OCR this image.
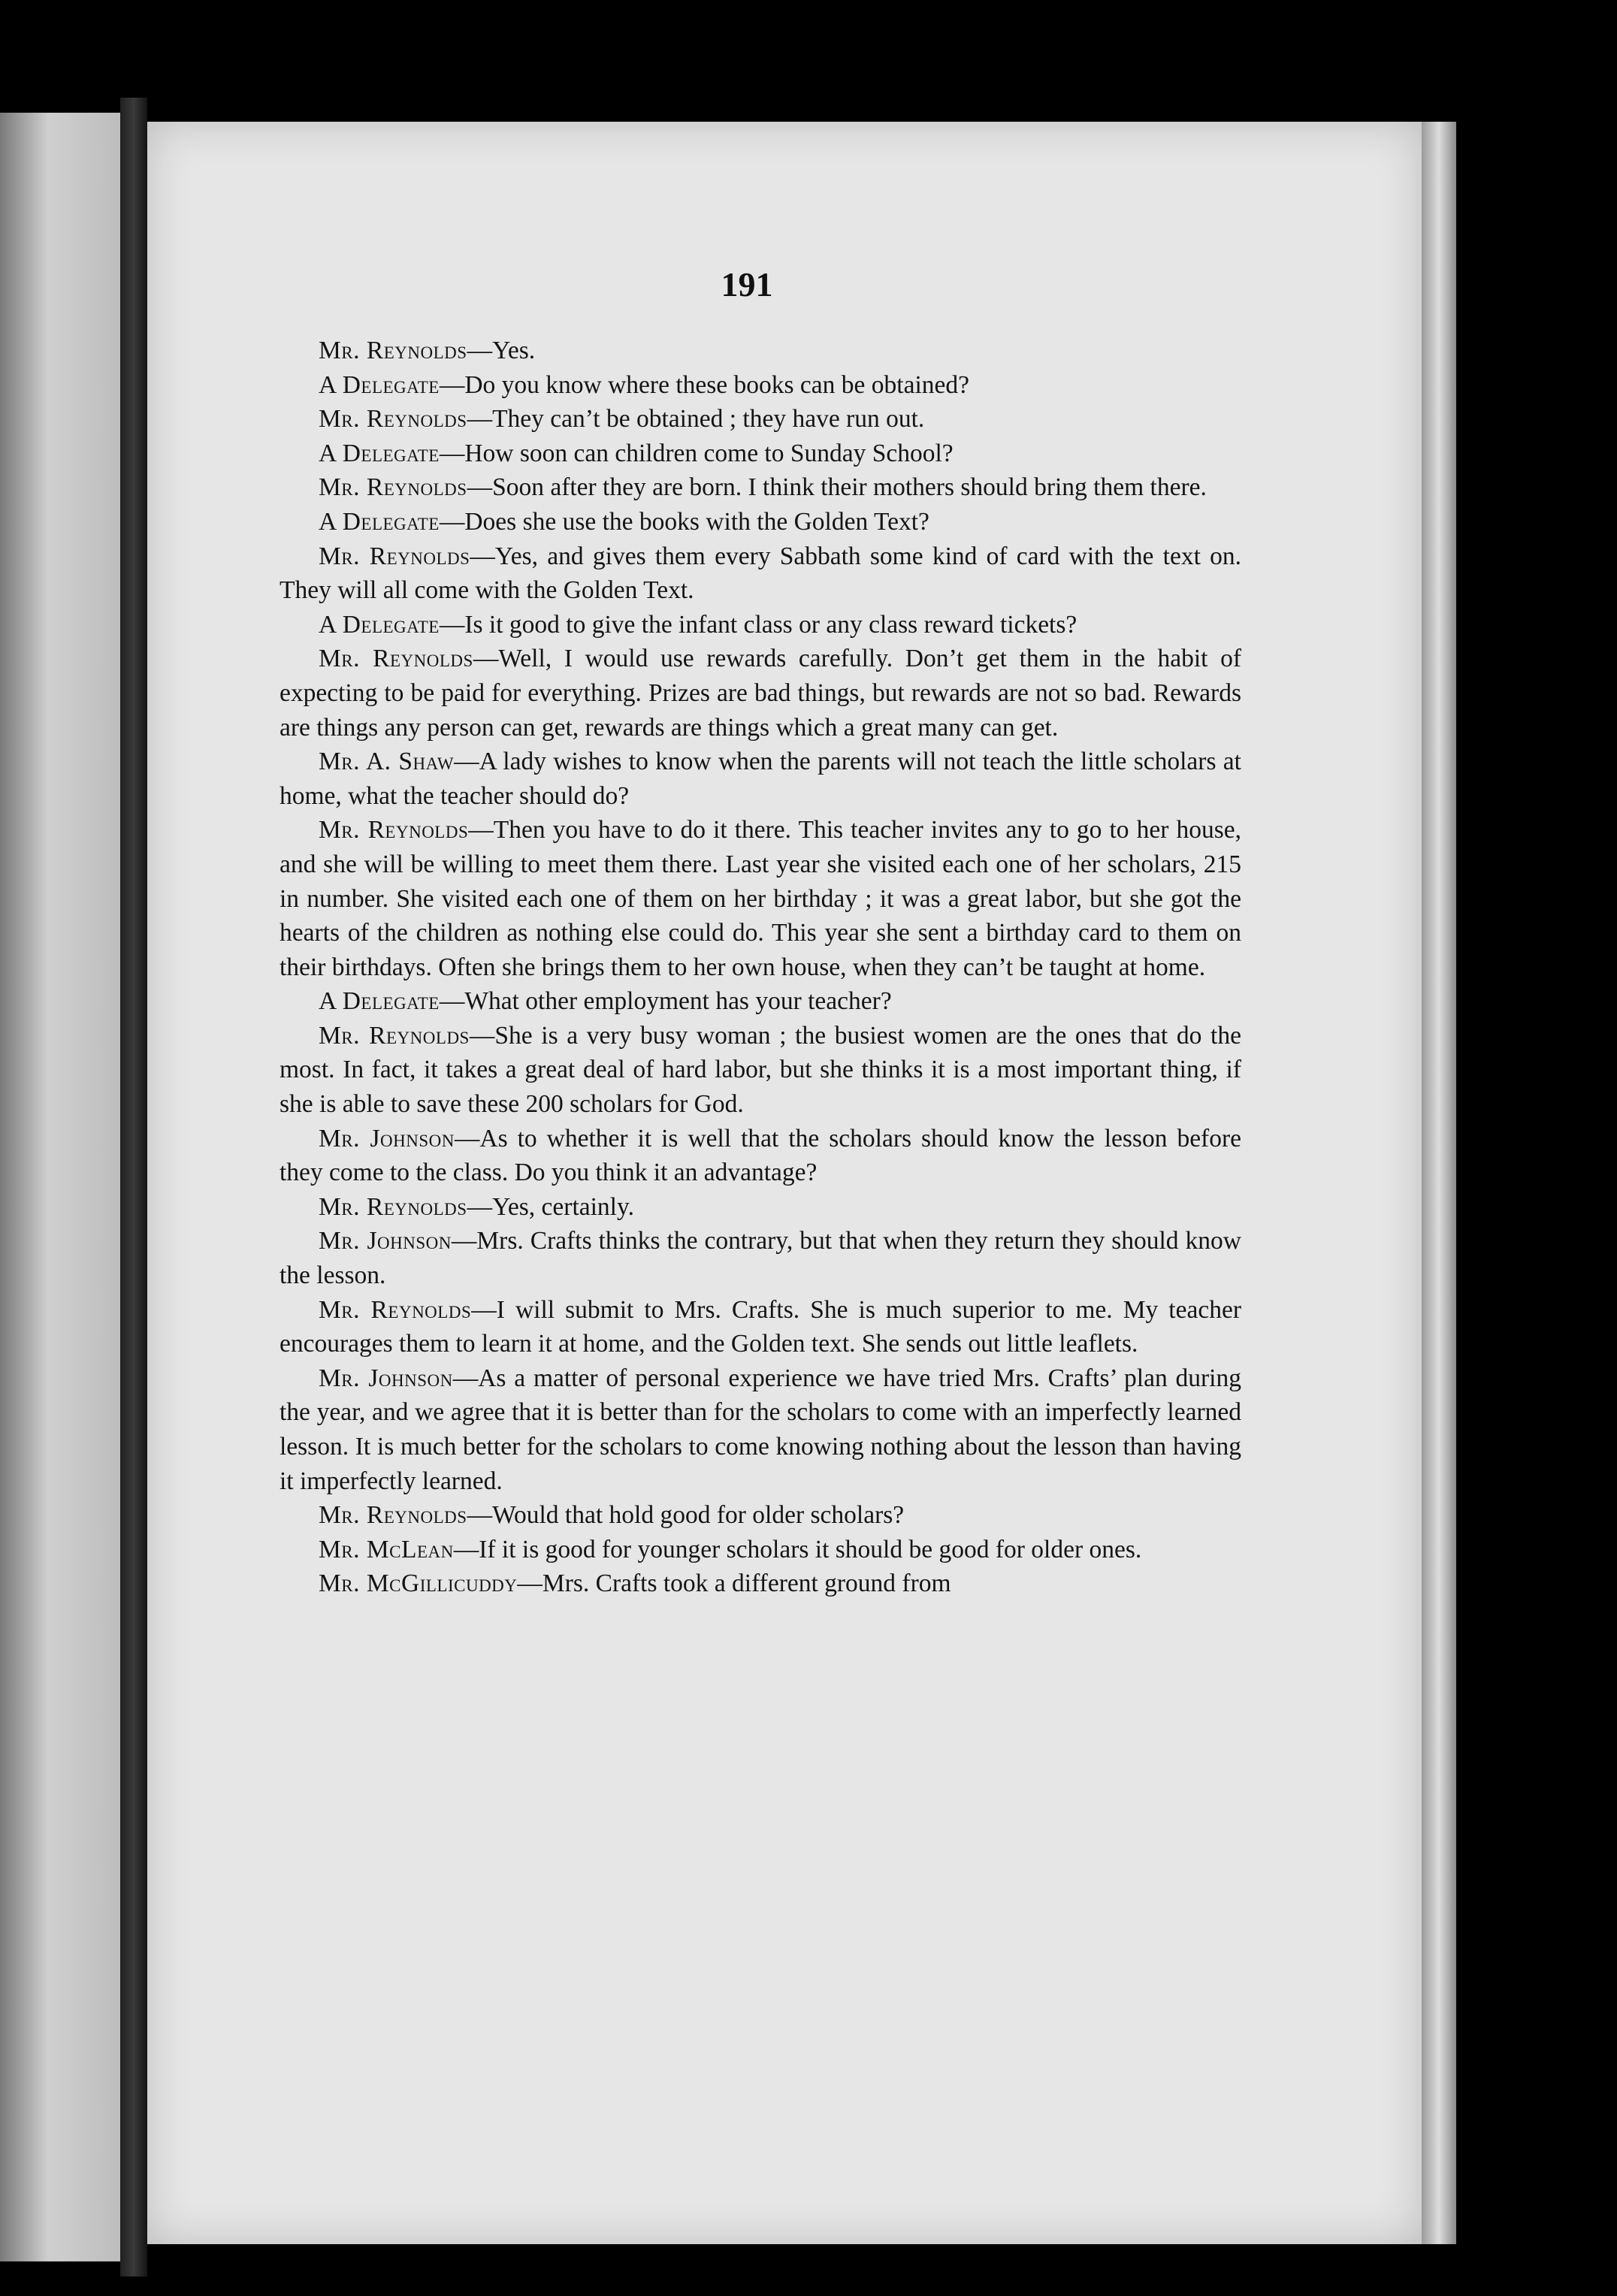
191

Mr. Reynolds—Yes.

A Delegate—Do you know where these books can be obtained?

Mr. Reynolds—They can’t be obtained ; they have run out.

A Delegate—How soon can children come to Sunday School?

Mr. Reynolds—Soon after they are born. I think their mothers should bring them there.

A Delegate—Does she use the books with the Golden Text?

Mr. Reynolds—Yes, and gives them every Sabbath some kind of card with the text on. They will all come with the Golden Text.

A Delegate—Is it good to give the infant class or any class reward tickets?

Mr. Reynolds—Well, I would use rewards carefully. Don’t get them in the habit of expecting to be paid for everything. Prizes are bad things, but rewards are not so bad. Rewards are things any person can get, rewards are things which a great many can get.

Mr. A. Shaw—A lady wishes to know when the parents will not teach the little scholars at home, what the teacher should do?

Mr. Reynolds—Then you have to do it there. This teacher invites any to go to her house, and she will be willing to meet them there. Last year she visited each one of her scholars, 215 in number. She visited each one of them on her birthday ; it was a great labor, but she got the hearts of the children as nothing else could do. This year she sent a birthday card to them on their birthdays. Often she brings them to her own house, when they can’t be taught at home.

A Delegate—What other employment has your teacher?

Mr. Reynolds—She is a very busy woman ; the busiest women are the ones that do the most. In fact, it takes a great deal of hard labor, but she thinks it is a most important thing, if she is able to save these 200 scholars for God.

Mr. Johnson—As to whether it is well that the scholars should know the lesson before they come to the class. Do you think it an advantage?

Mr. Reynolds—Yes, certainly.

Mr. Johnson—Mrs. Crafts thinks the contrary, but that when they return they should know the lesson.

Mr. Reynolds—I will submit to Mrs. Crafts. She is much superior to me. My teacher encourages them to learn it at home, and the Golden text. She sends out little leaflets.

Mr. Johnson—As a matter of personal experience we have tried Mrs. Crafts’ plan during the year, and we agree that it is better than for the scholars to come with an imperfectly learned lesson. It is much better for the scholars to come knowing nothing about the lesson than having it imperfectly learned.

Mr. Reynolds—Would that hold good for older scholars?

Mr. McLean—If it is good for younger scholars it should be good for older ones.

Mr. McGillicuddy—Mrs. Crafts took a different ground from
